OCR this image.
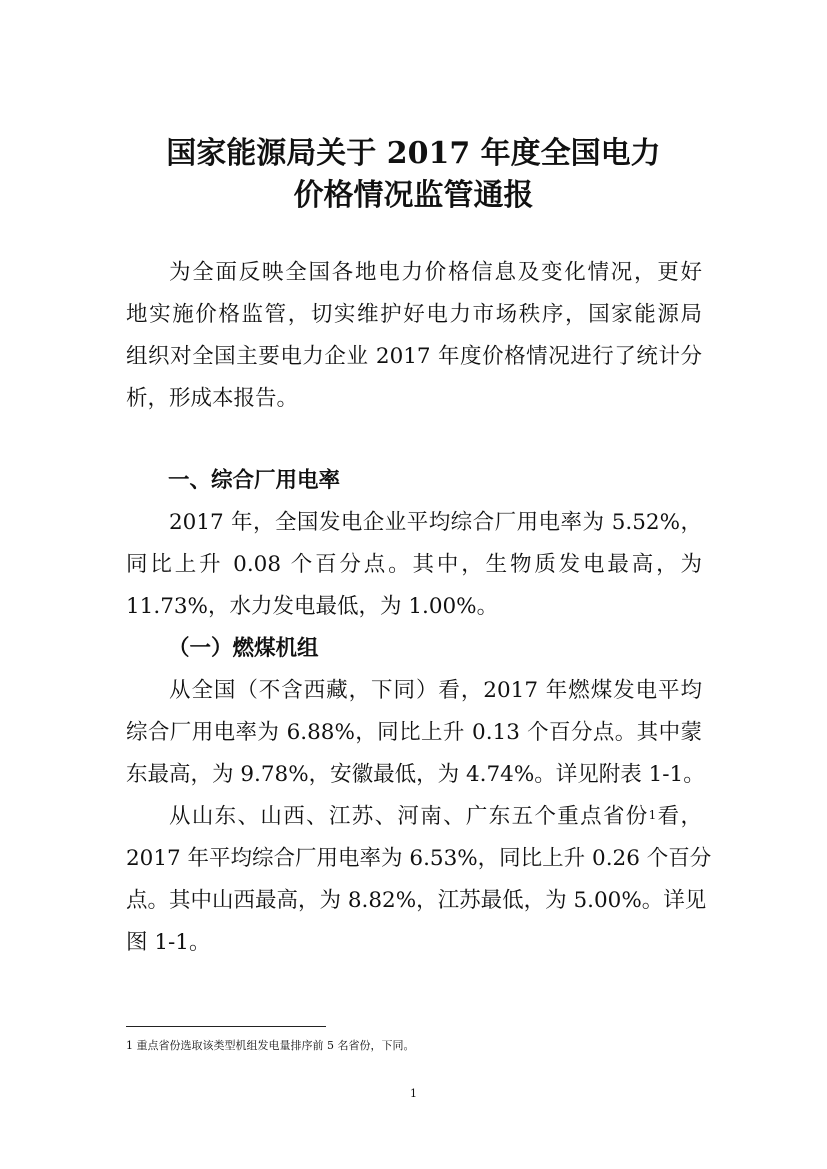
国家能源局关于 2017 年度全国电力
价格情况监管通报
为全面反映全国各地电力价格信息及变化情况，更好
地实施价格监管，切实维护好电力市场秩序，国家能源局
组织对全国主要电力企业 2017 年度价格情况进行了统计分
析，形成本报告。
一、综合厂用电率
2017 年，全国发电企业平均综合厂用电率为 5.52%，
同比上升 0.08 个百分点。其中，生物质发电最高，为
11.73%，水力发电最低，为 1.00%。
（一）燃煤机组
从全国（不含西藏，下同）看，2017 年燃煤发电平均
综合厂用电率为 6.88%，同比上升 0.13 个百分点。其中蒙
东最高，为 9.78%，安徽最低，为 4.74%。详见附表 1-1。
从山东、山西、江苏、河南、广东五个重点省份$^1$看，
2017 年平均综合厂用电率为 6.53%，同比上升 0.26 个百分
点。其中山西最高，为 8.82%，江苏最低，为 5.00%。详见
图 1-1。
1 重点省份选取该类型机组发电量排序前 5 名省份，下同。
1
